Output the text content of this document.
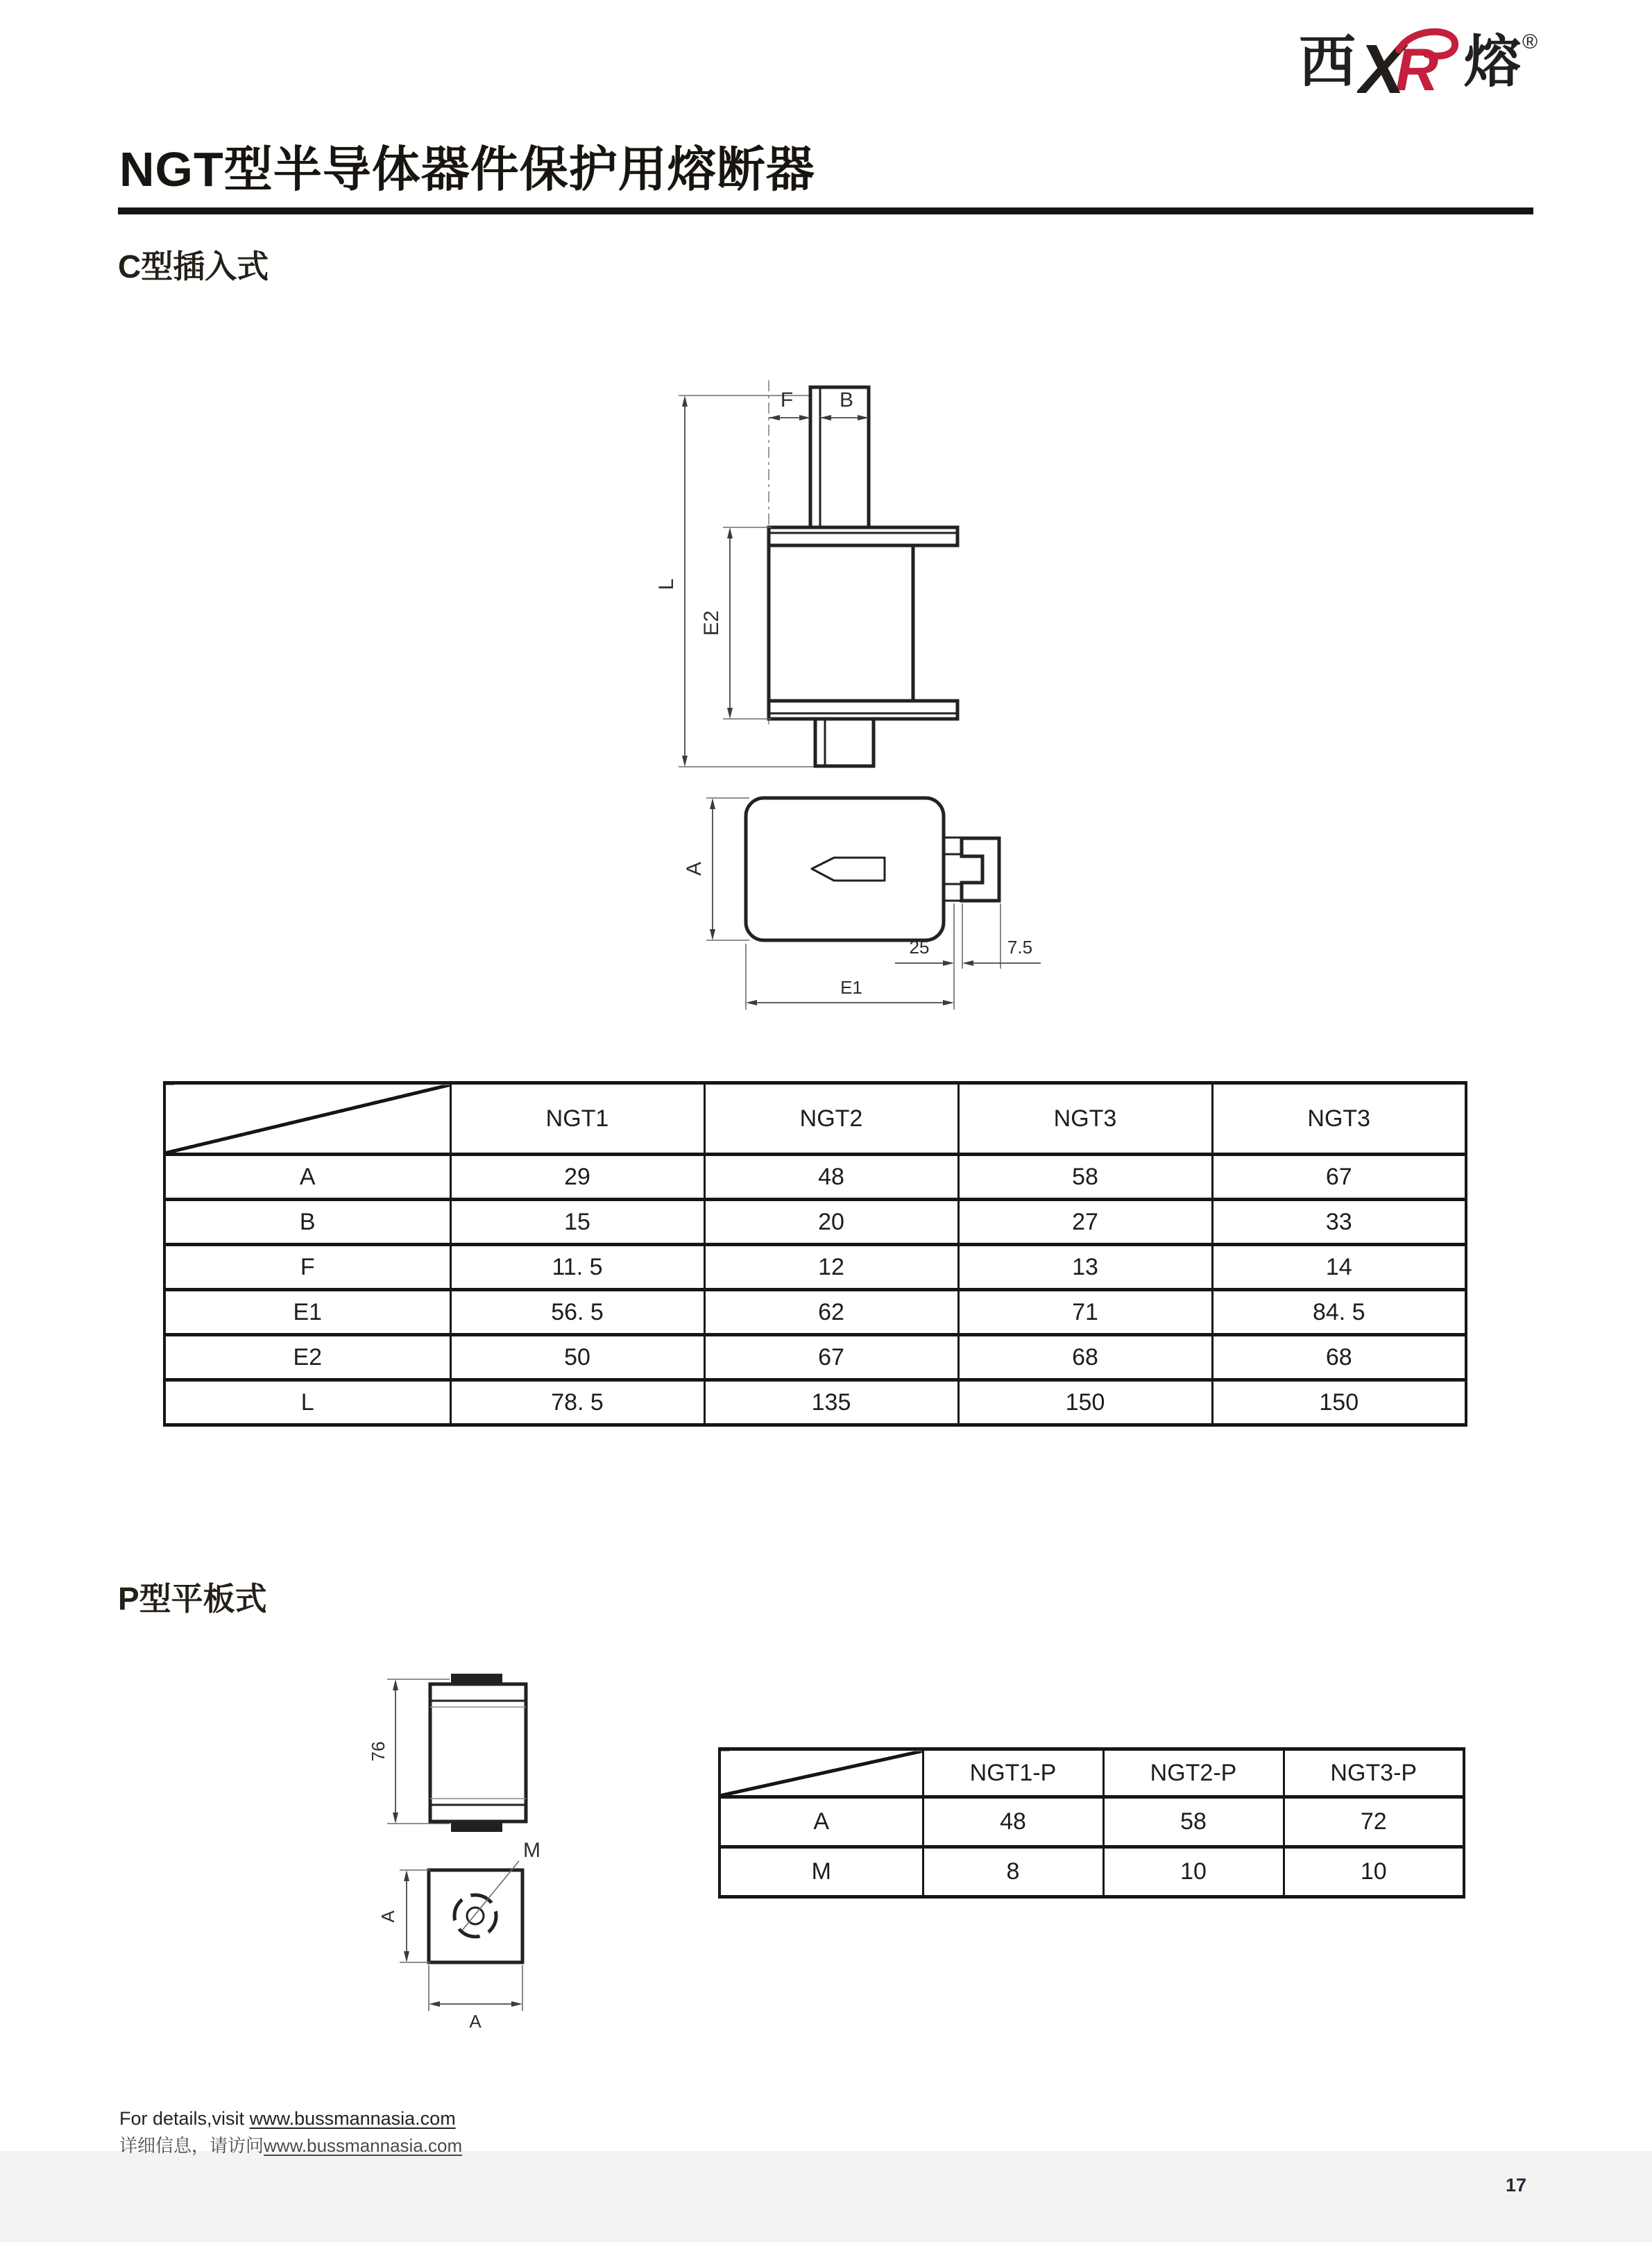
西 R
X 熔 ®
NGT型半导体器件保护用熔断器
C型插入式
L
F B
E2
A
25	7.5
E1
	NGT1	NGT2	NGT3	NGT3
A	29	48	58	67
B	15	20	27	33
F	11. 5	12	13	14
E1	56. 5	62	71	84. 5
E2	50	67	68	68
L	78. 5	135	150	150
P型平板式
76
M
A
A
	NGT1-P	NGT2-P	NGT3-P
A	48	58	72
M	8	10	10
For details,visit www.bussmannasia.com
详细信息，请访问www.bussmannasia.com
17
